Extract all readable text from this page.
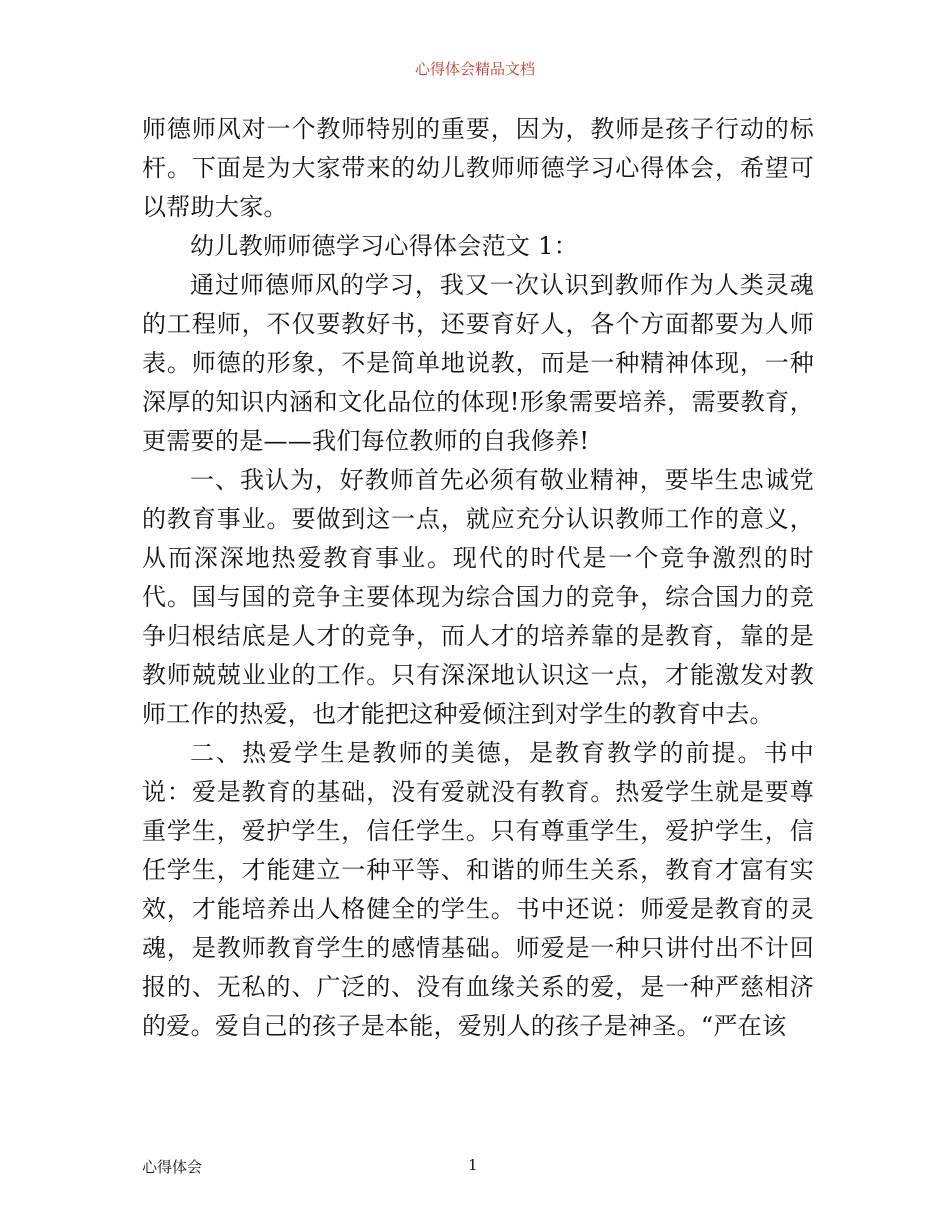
心得体会精品文档

师德师风对一个教师特别的重要，因为，教师是孩子行动的标杆。下面是为大家带来的幼儿教师师德学习心得体会，希望可以帮助大家。

幼儿教师师德学习心得体会范文 1：

通过师德师风的学习，我又一次认识到教师作为人类灵魂的工程师，不仅要教好书，还要育好人，各个方面都要为人师表。师德的形象，不是简单地说教，而是一种精神体现，一种深厚的知识内涵和文化品位的体现!形象需要培养，需要教育，更需要的是——我们每位教师的自我修养!

一、我认为，好教师首先必须有敬业精神，要毕生忠诚党的教育事业。要做到这一点，就应充分认识教师工作的意义，从而深深地热爱教育事业。现代的时代是一个竞争激烈的时代。国与国的竞争主要体现为综合国力的竞争，综合国力的竞争归根结底是人才的竞争，而人才的培养靠的是教育，靠的是教师兢兢业业的工作。只有深深地认识这一点，才能激发对教师工作的热爱，也才能把这种爱倾注到对学生的教育中去。

二、热爱学生是教师的美德，是教育教学的前提。书中说：爱是教育的基础，没有爱就没有教育。热爱学生就是要尊重学生，爱护学生，信任学生。只有尊重学生，爱护学生，信任学生，才能建立一种平等、和谐的师生关系，教育才富有实效，才能培养出人格健全的学生。书中还说：师爱是教育的灵魂，是教师教育学生的感情基础。师爱是一种只讲付出不计回报的、无私的、广泛的、没有血缘关系的爱，是一种严慈相济的爱。爱自己的孩子是本能，爱别人的孩子是神圣。“严在该

心得体会	1
